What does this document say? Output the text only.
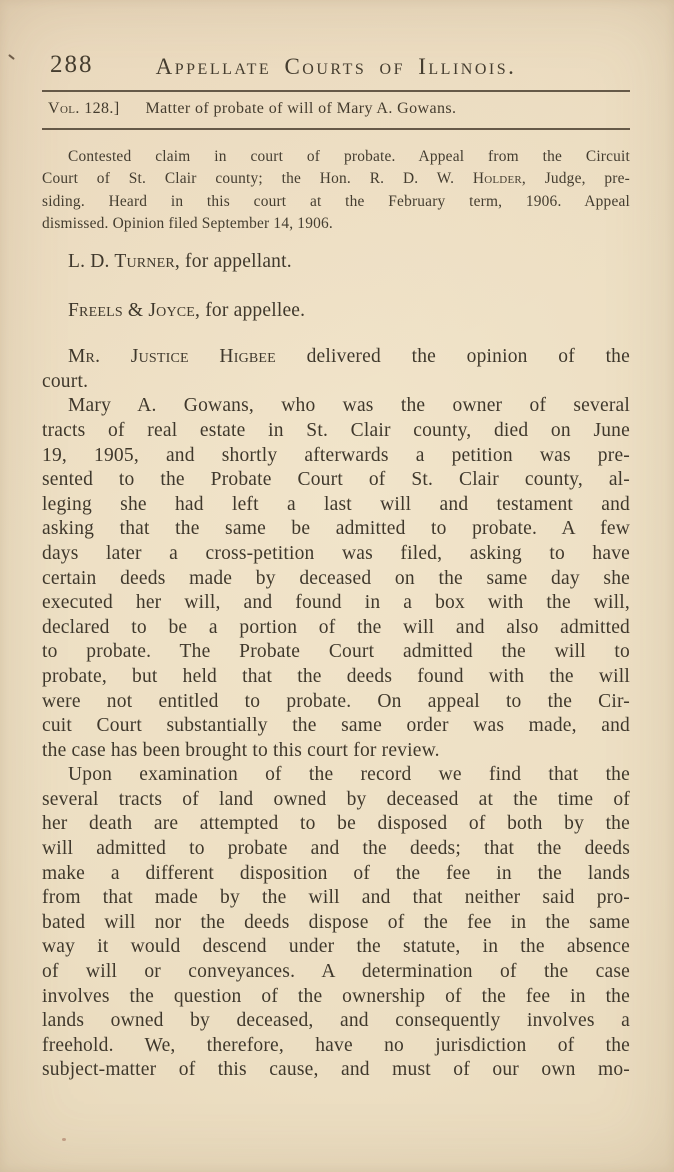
288	Appellate Courts of Illinois.
Vol. 128.] Matter of probate of will of Mary A. Gowans.
Contested claim in court of probate. Appeal from the Circuit
Court of St. Clair county; the Hon. R. D. W. Holder, Judge, pre-
siding. Heard in this court at the February term, 1906. Appeal
dismissed. Opinion filed September 14, 1906.

L. D. Turner, for appellant.

Freels & Joyce, for appellee.

Mr. Justice Higbee delivered the opinion of the
court.
Mary A. Gowans, who was the owner of several
tracts of real estate in St. Clair county, died on June
19, 1905, and shortly afterwards a petition was pre-
sented to the Probate Court of St. Clair county, al-
leging she had left a last will and testament and
asking that the same be admitted to probate. A few
days later a cross-petition was filed, asking to have
certain deeds made by deceased on the same day she
executed her will, and found in a box with the will,
declared to be a portion of the will and also admitted
to probate. The Probate Court admitted the will to
probate, but held that the deeds found with the will
were not entitled to probate. On appeal to the Cir-
cuit Court substantially the same order was made, and
the case has been brought to this court for review.
Upon examination of the record we find that the
several tracts of land owned by deceased at the time of
her death are attempted to be disposed of both by the
will admitted to probate and the deeds; that the deeds
make a different disposition of the fee in the lands
from that made by the will and that neither said pro-
bated will nor the deeds dispose of the fee in the same
way it would descend under the statute, in the absence
of will or conveyances. A determination of the case
involves the question of the ownership of the fee in the
lands owned by deceased, and consequently involves a
freehold. We, therefore, have no jurisdiction of the
subject-matter of this cause, and must of our own mo-
